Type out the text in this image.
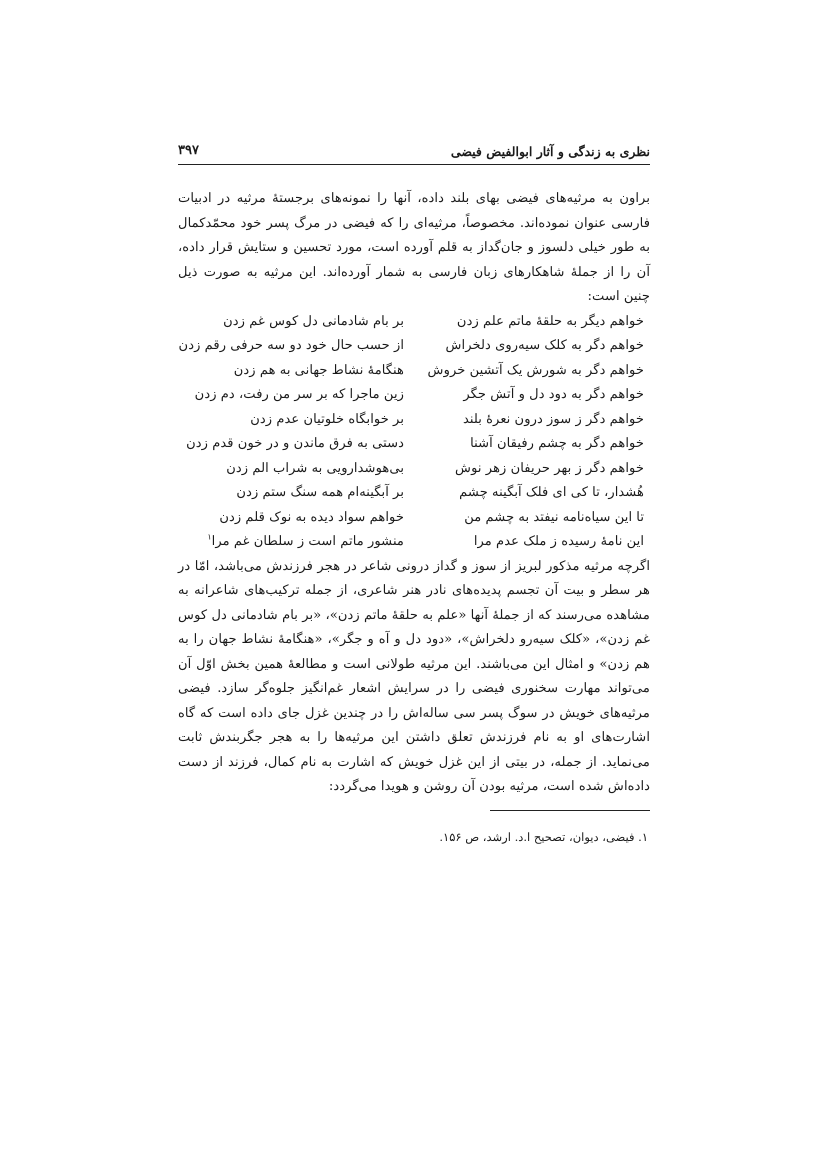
نظری به زندگی و آثار ابوالفیض فیضی
۳۹۷

براون به مرثیه‌های فیضی بهای بلند داده، آنها را نمونه‌های برجستهٔ مرثیه در ادبیات فارسی عنوان نموده‌اند. مخصوصاً، مرثیه‌ای را که فیضی در مرگ پسر خود محمّدکمال به طور خیلی دلسوز و جان‌گداز به قلم آورده است، مورد تحسین و ستایش قرار داده، آن را از جملهٔ شاهکارهای زبان فارسی به شمار آورده‌اند. این مرثیه به صورت ذیل چنین است:

خواهم دیگر به حلقهٔ ماتم علم زدن
بر بام شادمانی دل کوس غم زدن
خواهم دگر به کلک سیه‌روی دلخراش
از حسب حال خود دو سه حرفی رقم زدن
خواهم دگر به شورش یک آتشین خروش
هنگامهٔ نشاط جهانی به هم زدن
خواهم دگر به دود دل و آتش جگر
زین ماجرا که بر سر من رفت، دم زدن
خواهم دگر ز سوز درون نعرهٔ بلند
بر خوابگاه خلوتیان عدم زدن
خواهم دگر به چشم رفیقان آشنا
دستی به فرق ماندن و در خون قدم زدن
خواهم دگر ز بهر حریفان زهر نوش
بی‌هوشدارویی به شراب الم زدن
هُشدار، تا کی ای فلک آبگینه چشم
بر آبگینه‌ام همه سنگ ستم زدن
تا این سیاه‌نامه نیفتد به چشم من
خواهم سواد دیده به نوک قلم زدن
این نامهٔ رسیده ز ملک عدم مرا
منشور ماتم است ز سلطان غم مرا$^۱$

اگرچه مرثیه مذکور لبریز از سوز و گداز درونی شاعر در هجر فرزندش می‌باشد، امّا در هر سطر و بیت آن تجسم پدیده‌های نادر هنر شاعری، از جمله ترکیب‌های شاعرانه به مشاهده می‌رسند که از جملهٔ آنها «علم به حلقهٔ ماتم زدن»، «بر بام شادمانی دل کوس غم زدن»، «کلک سیه‌رو دلخراش»، «دود دل و آه و جگر»، «هنگامهٔ نشاط جهان را به هم زدن» و امثال این می‌باشند. این مرثیه طولانی است و مطالعهٔ همین بخش اوّل آن می‌تواند مهارت سخنوری فیضی را در سرایش اشعار غم‌انگیز جلوه‌گر سازد. فیضی مرثیه‌های خویش در سوگ پسر سی ساله‌اش را در چندین غزل جای داده است که گاه اشارت‌های او به نام فرزندش تعلق داشتن این مرثیه‌ها را به هجر جگربندش ثابت می‌نماید. از جمله، در بیتی از این غزل خویش که اشارت به نام کمال، فرزند از دست داده‌اش شده است، مرثیه بودن آن روشن و هویدا می‌گردد:

۱. فیضی، دیوان، تصحیح ا.د. ارشد، ص ۱۵۶.
